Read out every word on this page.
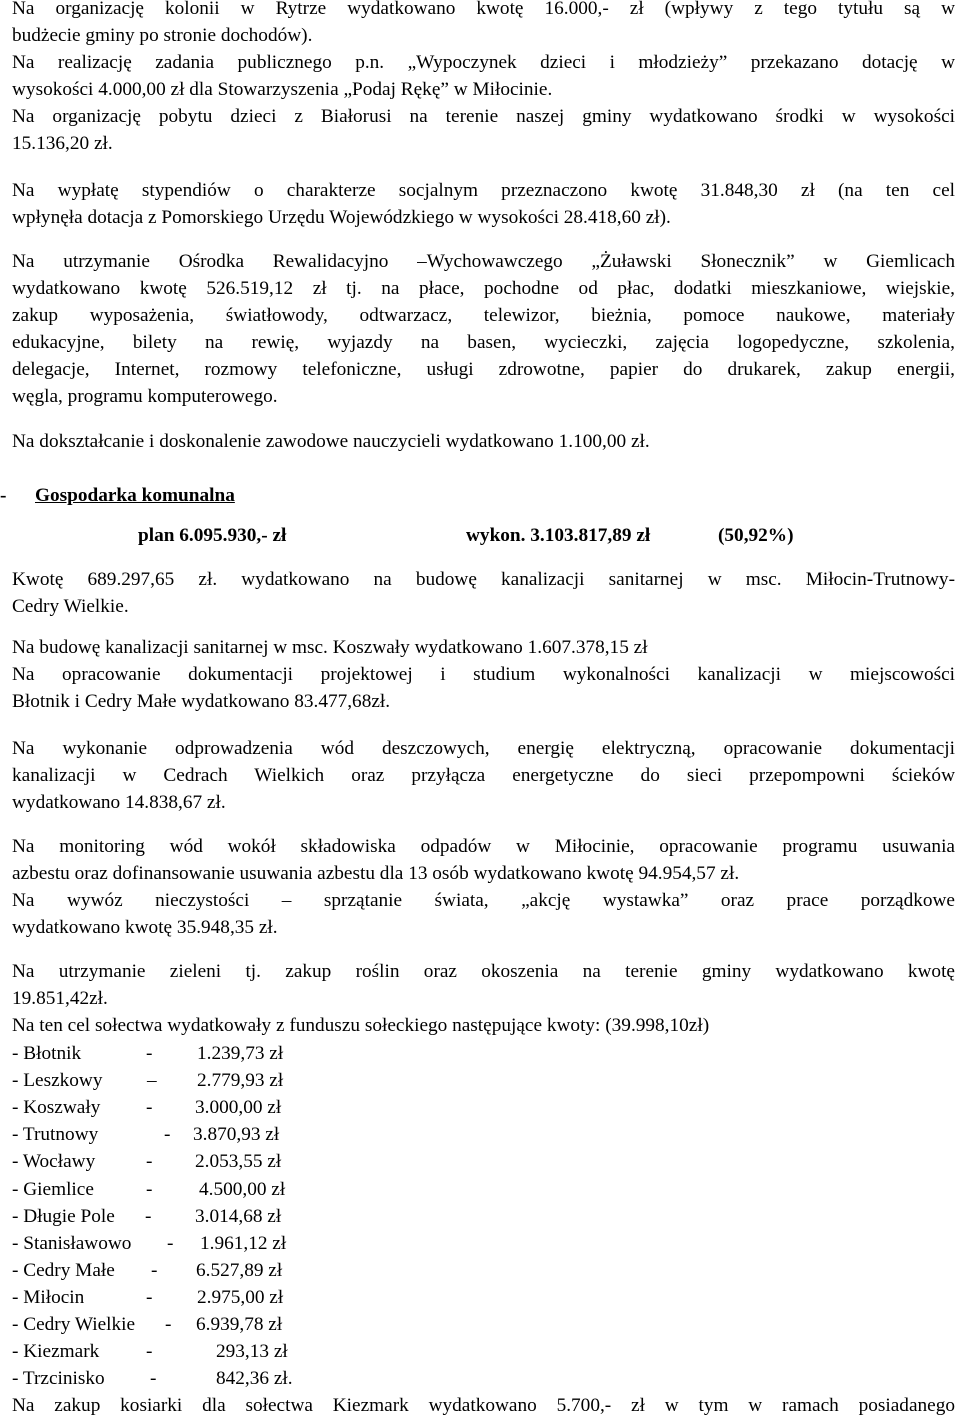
Na organizację kolonii w Rytrze wydatkowano kwotę 16.000,- zł (wpływy z tego tytułu są w
budżecie gminy po stronie dochodów).
Na realizację zadania publicznego p.n. „Wypoczynek dzieci i młodzieży” przekazano dotację w
wysokości 4.000,00 zł dla Stowarzyszenia „Podaj Rękę” w Miłocinie.
Na organizację pobytu dzieci z Białorusi na terenie naszej gminy wydatkowano środki w wysokości
15.136,20 zł.
Na wypłatę stypendiów o charakterze socjalnym przeznaczono kwotę 31.848,30 zł (na ten cel
wpłynęła dotacja z Pomorskiego Urzędu Wojewódzkiego w wysokości 28.418,60 zł).
Na utrzymanie Ośrodka Rewalidacyjno –Wychowawczego „Żuławski Słonecznik” w Giemlicach
wydatkowano kwotę 526.519,12 zł tj. na płace, pochodne od płac, dodatki mieszkaniowe, wiejskie,
zakup wyposażenia, światłowody, odtwarzacz, telewizor, bieżnia, pomoce naukowe, materiały
edukacyjne, bilety na rewię, wyjazdy na basen, wycieczki, zajęcia logopedyczne, szkolenia,
delegacje, Internet, rozmowy telefoniczne, usługi zdrowotne, papier do drukarek, zakup energii,
węgla, programu komputerowego.
Na dokształcanie i doskonalenie zawodowe nauczycieli wydatkowano 1.100,00 zł.
- Gospodarka komunalna
plan 6.095.930,- zł	wykon. 3.103.817,89 zł	(50,92%)
Kwotę 689.297,65 zł. wydatkowano na budowę kanalizacji sanitarnej w msc. Miłocin-Trutnowy-
Cedry Wielkie.
Na budowę kanalizacji sanitarnej w msc. Koszwały wydatkowano 1.607.378,15 zł
Na opracowanie dokumentacji projektowej i studium wykonalności kanalizacji w miejscowości
Błotnik i Cedry Małe wydatkowano 83.477,68zł.
Na wykonanie odprowadzenia wód deszczowych, energię elektryczną, opracowanie dokumentacji
kanalizacji w Cedrach Wielkich oraz przyłącza energetyczne do sieci przepompowni ścieków
wydatkowano 14.838,67 zł.
Na monitoring wód wokół składowiska odpadów w Miłocinie, opracowanie programu usuwania
azbestu oraz dofinansowanie usuwania azbestu dla 13 osób wydatkowano kwotę 94.954,57 zł.
Na wywóz nieczystości – sprzątanie świata, „akcję wystawka” oraz prace porządkowe
wydatkowano kwotę 35.948,35 zł.
Na utrzymanie zieleni tj. zakup roślin oraz okoszenia na terenie gminy wydatkowano kwotę
19.851,42zł.
Na ten cel sołectwa wydatkowały z funduszu sołeckiego następujące kwoty: (39.998,10zł)
- Błotnik	- 1.239,73 zł
- Leszkowy – 2.779,93 zł
- Koszwały - 3.000,00 zł
- Trutnowy	- 3.870,93 zł
- Wocławy	- 2.053,55 zł
- Giemlice	- 4.500,00 zł
- Długie Pole - 3.014,68 zł
- Stanisławowo - 1.961,12 zł
- Cedry Małe - 6.527,89 zł
- Miłocin	- 2.975,00 zł
- Cedry Wielkie - 6.939,78 zł
- Kiezmark -	293,13 zł
- Trzcinisko -	842,36 zł.
Na zakup kosiarki dla sołectwa Kiezmark wydatkowano 5.700,- zł w tym w ramach posiadanego
